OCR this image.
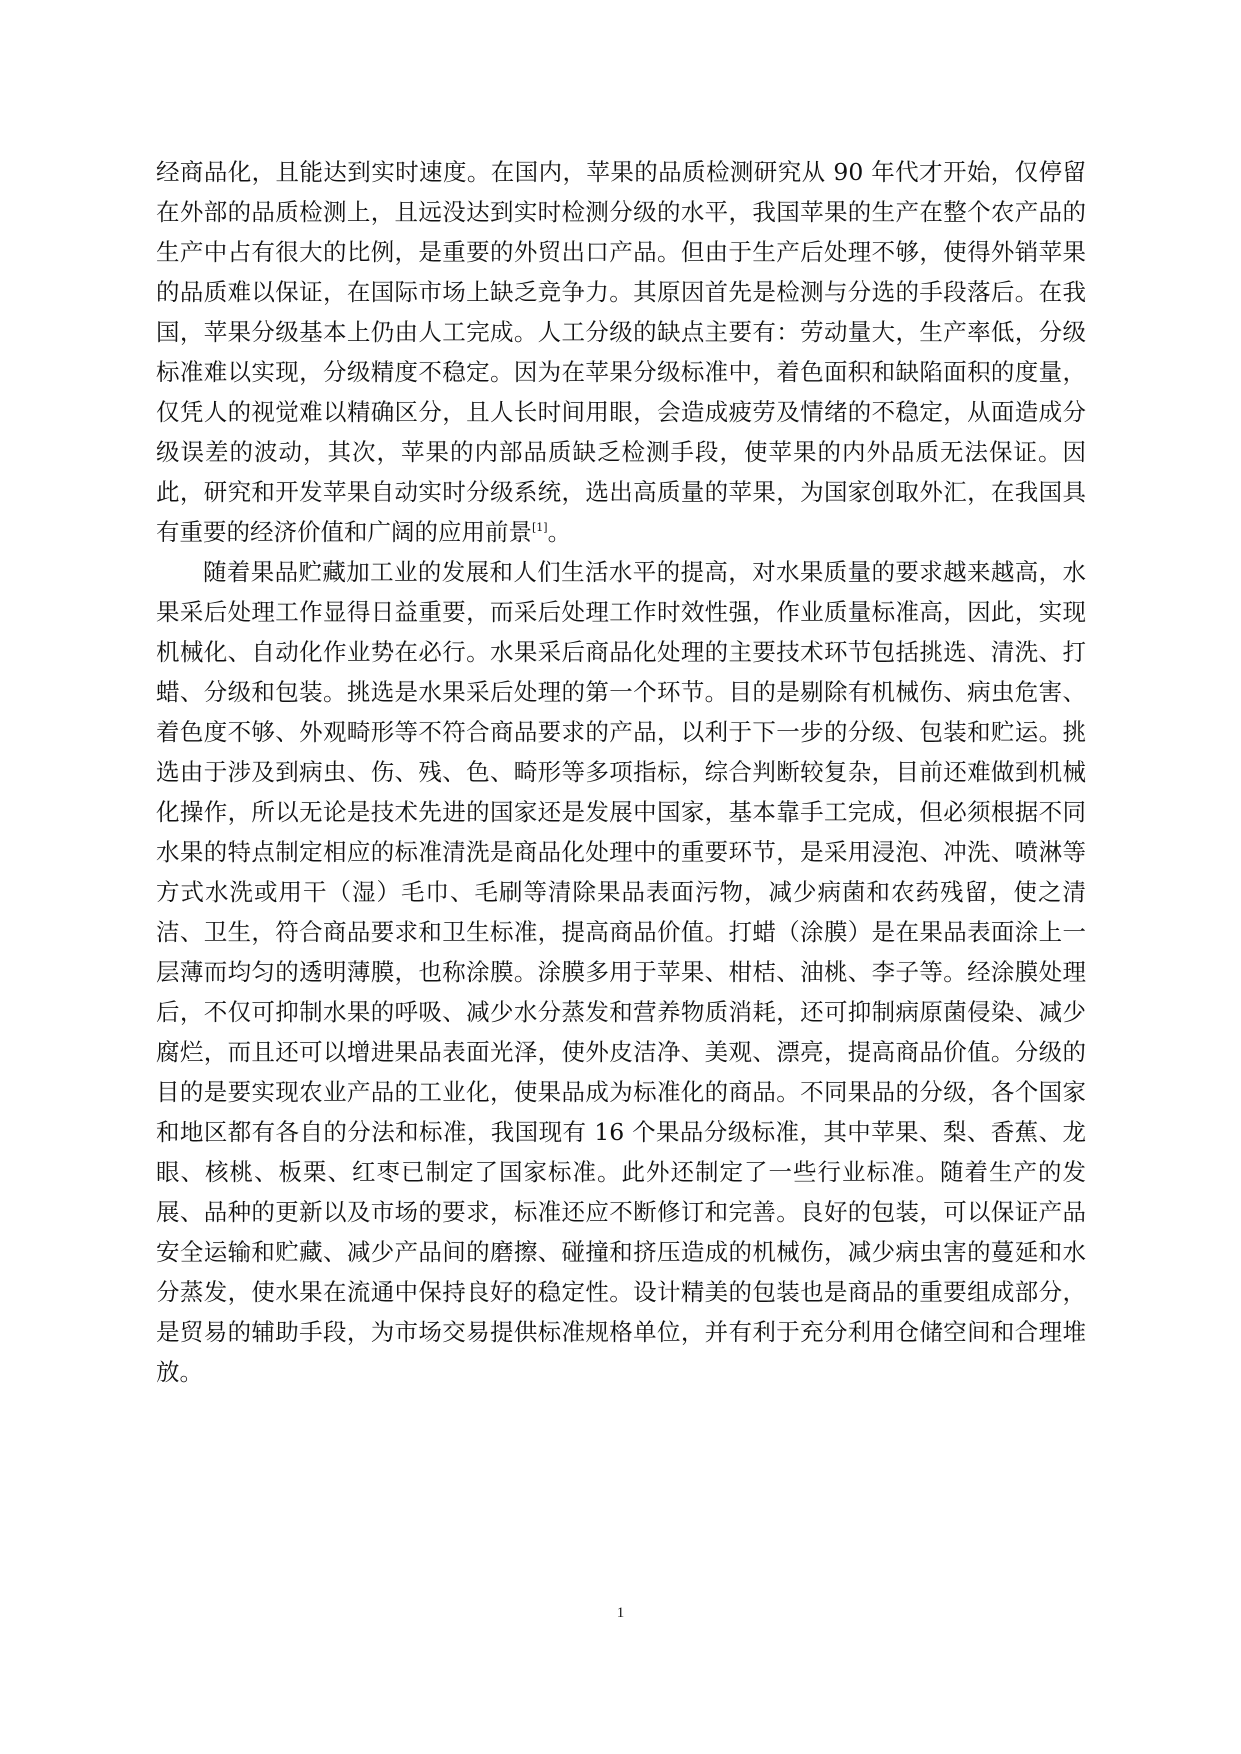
经商品化，且能达到实时速度。在国内，苹果的品质检测研究从 90 年代才开始，仅停留在外部的品质检测上，且远没达到实时检测分级的水平，我国苹果的生产在整个农产品的生产中占有很大的比例，是重要的外贸出口产品。但由于生产后处理不够，使得外销苹果的品质难以保证，在国际市场上缺乏竞争力。其原因首先是检测与分选的手段落后。在我国，苹果分级基本上仍由人工完成。人工分级的缺点主要有：劳动量大，生产率低，分级标准难以实现，分级精度不稳定。因为在苹果分级标准中，着色面积和缺陷面积的度量，仅凭人的视觉难以精确区分，且人长时间用眼，会造成疲劳及情绪的不稳定，从面造成分级误差的波动，其次，苹果的内部品质缺乏检测手段，使苹果的内外品质无法保证。因此，研究和开发苹果自动实时分级系统，选出高质量的苹果，为国家创取外汇，在我国具有重要的经济价值和广阔的应用前景[1]。

随着果品贮藏加工业的发展和人们生活水平的提高，对水果质量的要求越来越高，水果采后处理工作显得日益重要，而采后处理工作时效性强，作业质量标准高，因此，实现机械化、自动化作业势在必行。水果采后商品化处理的主要技术环节包括挑选、清洗、打蜡、分级和包装。挑选是水果采后处理的第一个环节。目的是剔除有机械伤、病虫危害、着色度不够、外观畸形等不符合商品要求的产品，以利于下一步的分级、包装和贮运。挑选由于涉及到病虫、伤、残、色、畸形等多项指标，综合判断较复杂，目前还难做到机械化操作，所以无论是技术先进的国家还是发展中国家，基本靠手工完成，但必须根据不同水果的特点制定相应的标准清洗是商品化处理中的重要环节，是采用浸泡、冲洗、喷淋等方式水洗或用干（湿）毛巾、毛刷等清除果品表面污物，减少病菌和农药残留，使之清洁、卫生，符合商品要求和卫生标准，提高商品价值。打蜡（涂膜）是在果品表面涂上一层薄而均匀的透明薄膜，也称涂膜。涂膜多用于苹果、柑桔、油桃、李子等。经涂膜处理后，不仅可抑制水果的呼吸、减少水分蒸发和营养物质消耗，还可抑制病原菌侵染、减少腐烂，而且还可以增进果品表面光泽，使外皮洁净、美观、漂亮，提高商品价值。分级的目的是要实现农业产品的工业化，使果品成为标准化的商品。不同果品的分级，各个国家和地区都有各自的分法和标准，我国现有 16 个果品分级标准，其中苹果、梨、香蕉、龙眼、核桃、板栗、红枣已制定了国家标准。此外还制定了一些行业标准。随着生产的发展、品种的更新以及市场的要求，标准还应不断修订和完善。良好的包装，可以保证产品安全运输和贮藏、减少产品间的磨擦、碰撞和挤压造成的机械伤，减少病虫害的蔓延和水分蒸发，使水果在流通中保持良好的稳定性。设计精美的包装也是商品的重要组成部分，是贸易的辅助手段，为市场交易提供标准规格单位，并有利于充分利用仓储空间和合理堆放。

1
